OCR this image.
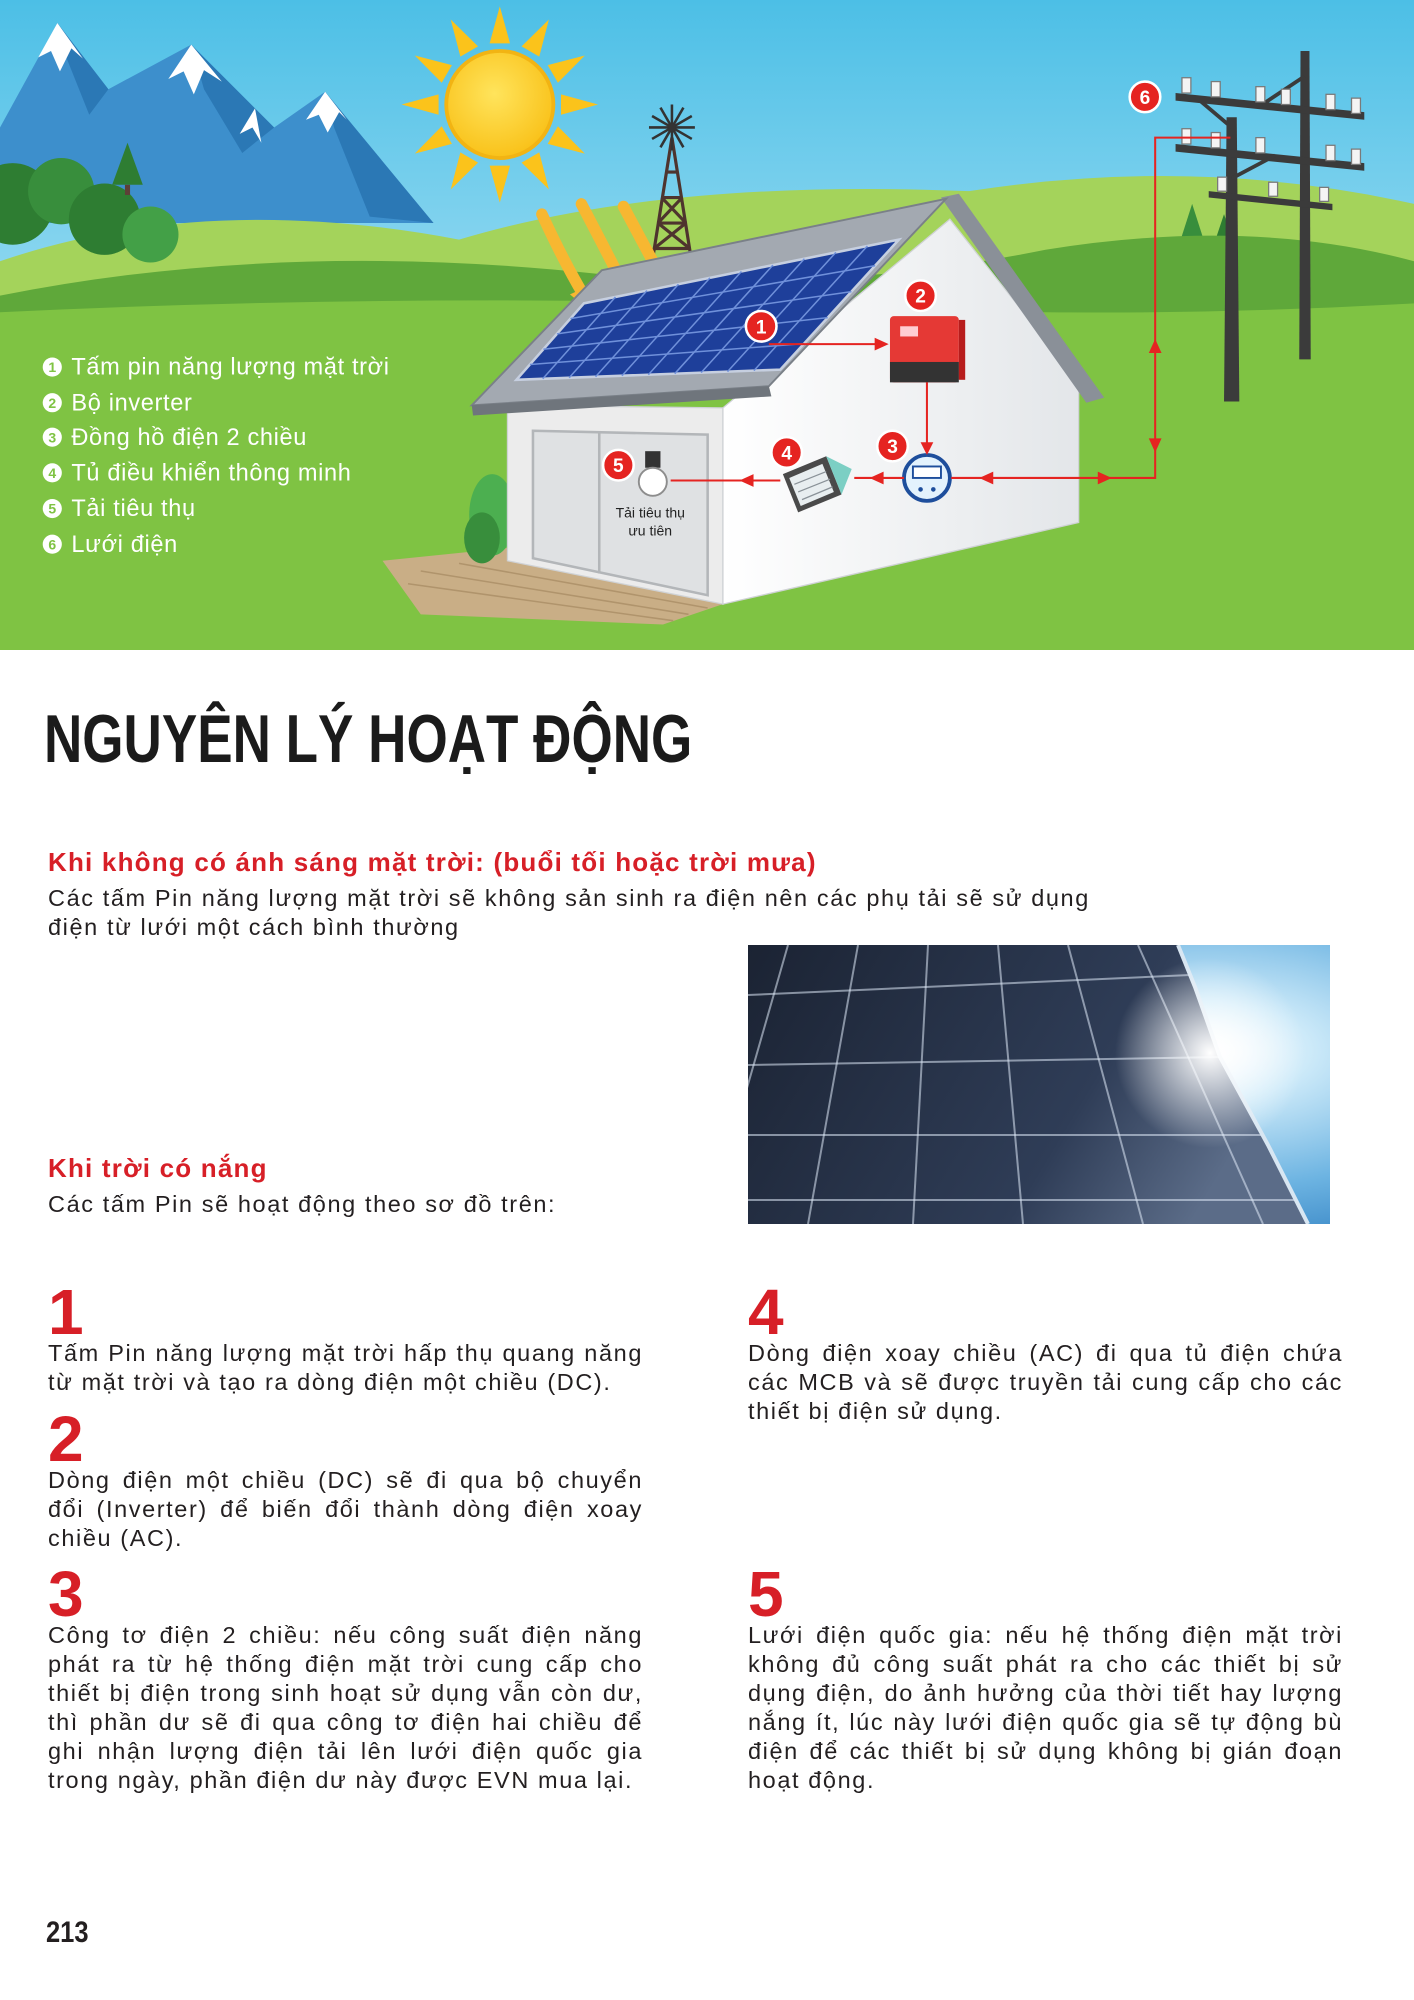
Tải tiêu thụ
ưu tiên
1
2
3
4
5
6
1 Tấm pin năng lượng mặt trời
2 Bộ inverter
3 Đồng hồ điện 2 chiều
4 Tủ điều khiển thông minh
5 Tải tiêu thụ
6 Lưới điện
NGUYÊN LÝ HOẠT ĐỘNG
Khi không có ánh sáng mặt trời: (buổi tối hoặc trời mưa)
Các tấm Pin năng lượng mặt trời sẽ không sản sinh ra điện nên các phụ tải sẽ sử dụng điện từ lưới một cách bình thường
Khi trời có nắng
Các tấm Pin sẽ hoạt động theo sơ đồ trên:
1
Tấm Pin năng lượng mặt trời hấp thụ quang năng từ mặt trời và tạo ra dòng điện một chiều (DC).
2
Dòng điện một chiều (DC) sẽ đi qua bộ chuyển đổi (Inverter) để biến đổi thành dòng điện xoay chiều (AC).
3
Công tơ điện 2 chiều: nếu công suất điện năng phát ra từ hệ thống điện mặt trời cung cấp cho thiết bị điện trong sinh hoạt sử dụng vẫn còn dư, thì phần dư sẽ đi qua công tơ điện hai chiều để ghi nhận lượng điện tải lên lưới điện quốc gia trong ngày, phần điện dư này được EVN mua lại.
4
Dòng điện xoay chiều (AC) đi qua tủ điện chứa các MCB và sẽ được truyền tải cung cấp cho các thiết bị điện sử dụng.
5
Lưới điện quốc gia: nếu hệ thống điện mặt trời không đủ công suất phát ra cho các thiết bị sử dụng điện, do ảnh hưởng của thời tiết hay lượng nắng ít, lúc này lưới điện quốc gia sẽ tự động bù điện để các thiết bị sử dụng không bị gián đoạn hoạt động.
213
